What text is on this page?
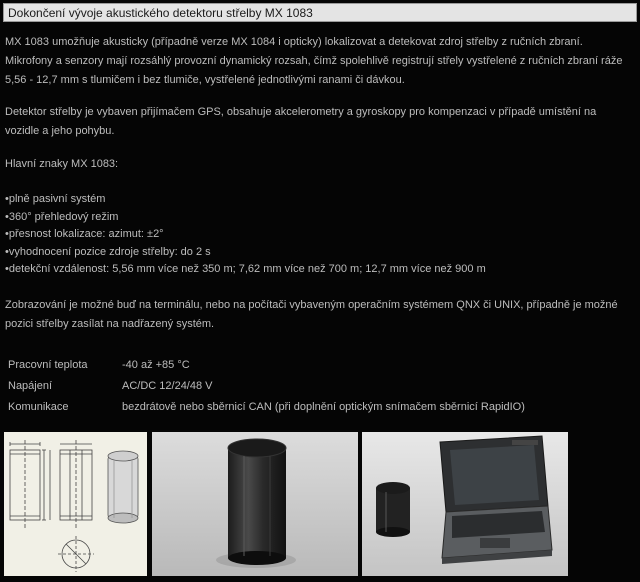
Dokončení vývoje akustického detektoru střelby MX 1083
MX 1083 umožňuje akusticky (případně verze MX 1084 i opticky) lokalizovat a detekovat zdroj střelby z ručních zbraní.
Mikrofony a senzory mají rozsáhlý provozní dynamický rozsah, čímž spolehlivě registrují střely vystřelené z ručních zbraní ráže
5,56 - 12,7 mm s tlumičem i bez tlumiče, vystřelené jednotlivými ranami či dávkou.
Detektor střelby je vybaven přijímačem GPS, obsahuje akcelerometry a gyroskopy pro kompenzaci v případě umístění na
vozidle a jeho pohybu.
Hlavní znaky MX 1083:
• plně pasivní systém
• 360° přehledový režim
• přesnost lokalizace: azimut: ±2°
• vyhodnocení pozice zdroje střelby: do 2 s
• detekční vzdálenost: 5,56 mm více než 350 m; 7,62 mm více než 700 m; 12,7 mm více než 900 m
Zobrazování je možné buď na terminálu, nebo na počítači vybaveným operačním systémem QNX či UNIX, případně je možné
pozici střelby zasílat na nadřazený systém.
Pracovní teplota	-40 až +85 °C
Napájení	AC/DC 12/24/48 V
Komunikace	bezdrátově nebo sběrnicí CAN (při doplnění optickým snímačem sběrnicí RapidIO)
